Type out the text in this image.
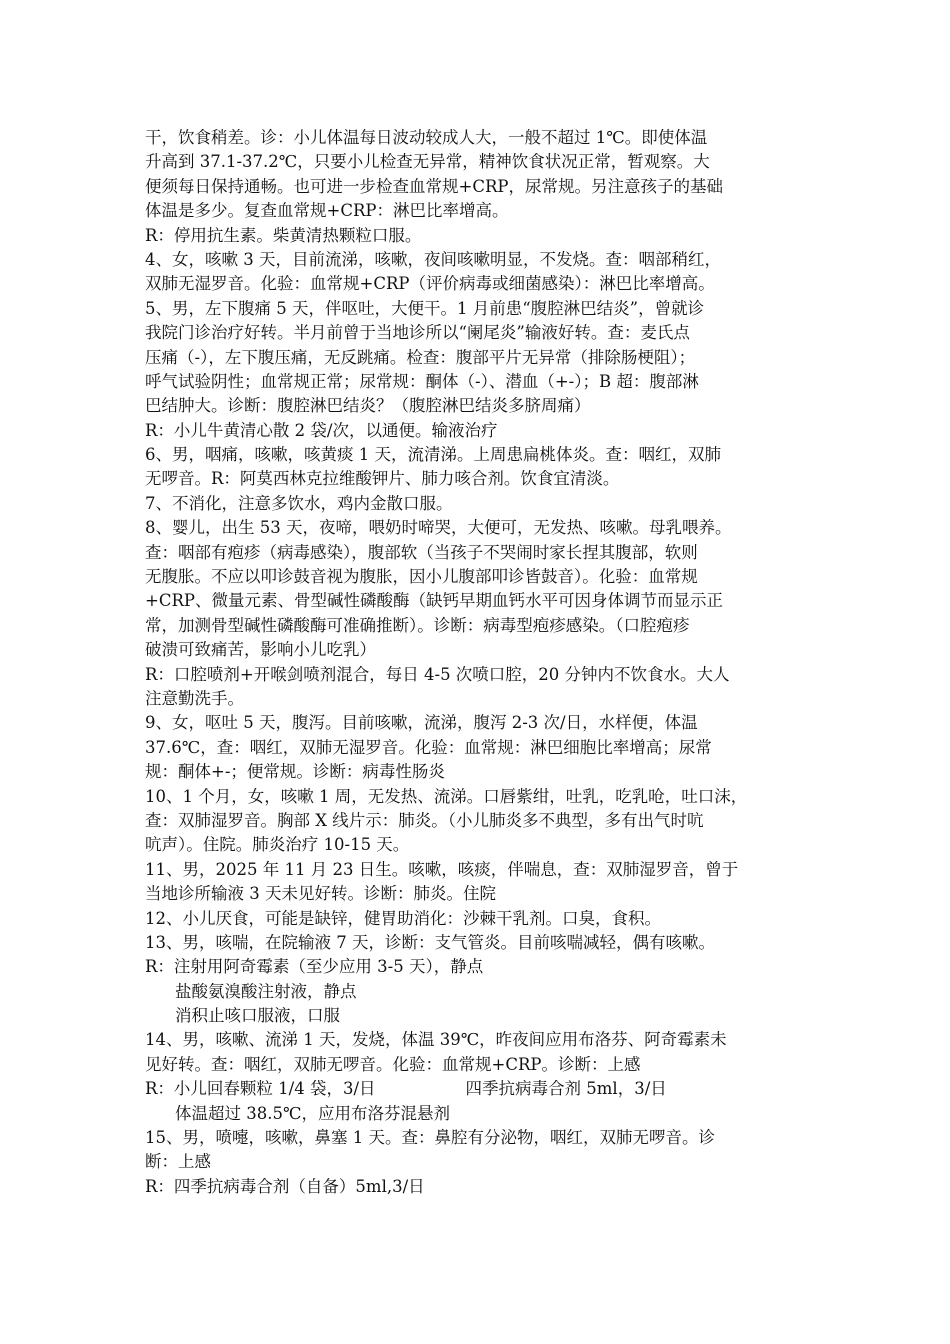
干，饮食稍差。诊：小儿体温每日波动较成人大，一般不超过 1℃。即使体温
升高到 37.1-37.2℃，只要小儿检查无异常，精神饮食状况正常，暂观察。大
便须每日保持通畅。也可进一步检查血常规+CRP，尿常规。另注意孩子的基础
体温是多少。复查血常规+CRP：淋巴比率增高。
R：停用抗生素。柴黄清热颗粒口服。
4、女，咳嗽 3 天，目前流涕，咳嗽，夜间咳嗽明显，不发烧。查：咽部稍红，
双肺无湿罗音。化验：血常规+CRP（评价病毒或细菌感染）：淋巴比率增高。
5、男，左下腹痛 5 天，伴呕吐，大便干。1 月前患“腹腔淋巴结炎”，曾就诊
我院门诊治疗好转。半月前曾于当地诊所以“阑尾炎”输液好转。查：麦氏点
压痛（-），左下腹压痛，无反跳痛。检查：腹部平片无异常（排除肠梗阻）；
呼气试验阴性；血常规正常；尿常规：酮体（-）、潜血（+-）；B 超：腹部淋
巴结肿大。诊断：腹腔淋巴结炎？（腹腔淋巴结炎多脐周痛）
R：小儿牛黄清心散 2 袋/次，以通便。输液治疗
6、男，咽痛，咳嗽，咳黄痰 1 天，流清涕。上周患扁桃体炎。查：咽红，双肺
无啰音。R：阿莫西林克拉维酸钾片、肺力咳合剂。饮食宜清淡。
7、不消化，注意多饮水，鸡内金散口服。
8、婴儿，出生 53 天，夜啼，喂奶时啼哭，大便可，无发热、咳嗽。母乳喂养。
查：咽部有疱疹（病毒感染），腹部软（当孩子不哭闹时家长捏其腹部，软则
无腹胀。不应以叩诊鼓音视为腹胀，因小儿腹部叩诊皆鼓音）。化验：血常规
+CRP、微量元素、骨型碱性磷酸酶（缺钙早期血钙水平可因身体调节而显示正
常，加测骨型碱性磷酸酶可准确推断）。诊断：病毒型疱疹感染。（口腔疱疹
破溃可致痛苦，影响小儿吃乳）
R：口腔喷剂+开喉剑喷剂混合，每日 4-5 次喷口腔，20 分钟内不饮食水。大人
注意勤洗手。
9、女，呕吐 5 天，腹泻。目前咳嗽，流涕，腹泻 2-3 次/日，水样便，体温
37.6℃，查：咽红，双肺无湿罗音。化验：血常规：淋巴细胞比率增高；尿常
规：酮体+-；便常规。诊断：病毒性肠炎
10、1 个月，女，咳嗽 1 周，无发热、流涕。口唇紫绀，吐乳，吃乳呛，吐口沫，
查：双肺湿罗音。胸部 X 线片示：肺炎。（小儿肺炎多不典型，多有出气时吭
吭声）。住院。肺炎治疗 10-15 天。
11、男，2025 年 11 月 23 日生。咳嗽，咳痰，伴喘息，查：双肺湿罗音，曾于
当地诊所输液 3 天未见好转。诊断：肺炎。住院
12、小儿厌食，可能是缺锌，健胃助消化：沙棘干乳剂。口臭，食积。
13、男，咳喘，在院输液 7 天，诊断：支气管炎。目前咳喘减轻，偶有咳嗽。
R：注射用阿奇霉素（至少应用 3-5 天），静点
盐酸氨溴酸注射液，静点
消积止咳口服液，口服
14、男，咳嗽、流涕 1 天，发烧，体温 39℃，昨夜间应用布洛芬、阿奇霉素未
见好转。查：咽红，双肺无啰音。化验：血常规+CRP。诊断：上感
R：小儿回春颗粒 1/4 袋，3/日	四季抗病毒合剂 5ml，3/日
体温超过 38.5℃，应用布洛芬混悬剂
15、男，喷嚏，咳嗽，鼻塞 1 天。查：鼻腔有分泌物，咽红，双肺无啰音。诊
断：上感
R：四季抗病毒合剂（自备）5ml,3/日
